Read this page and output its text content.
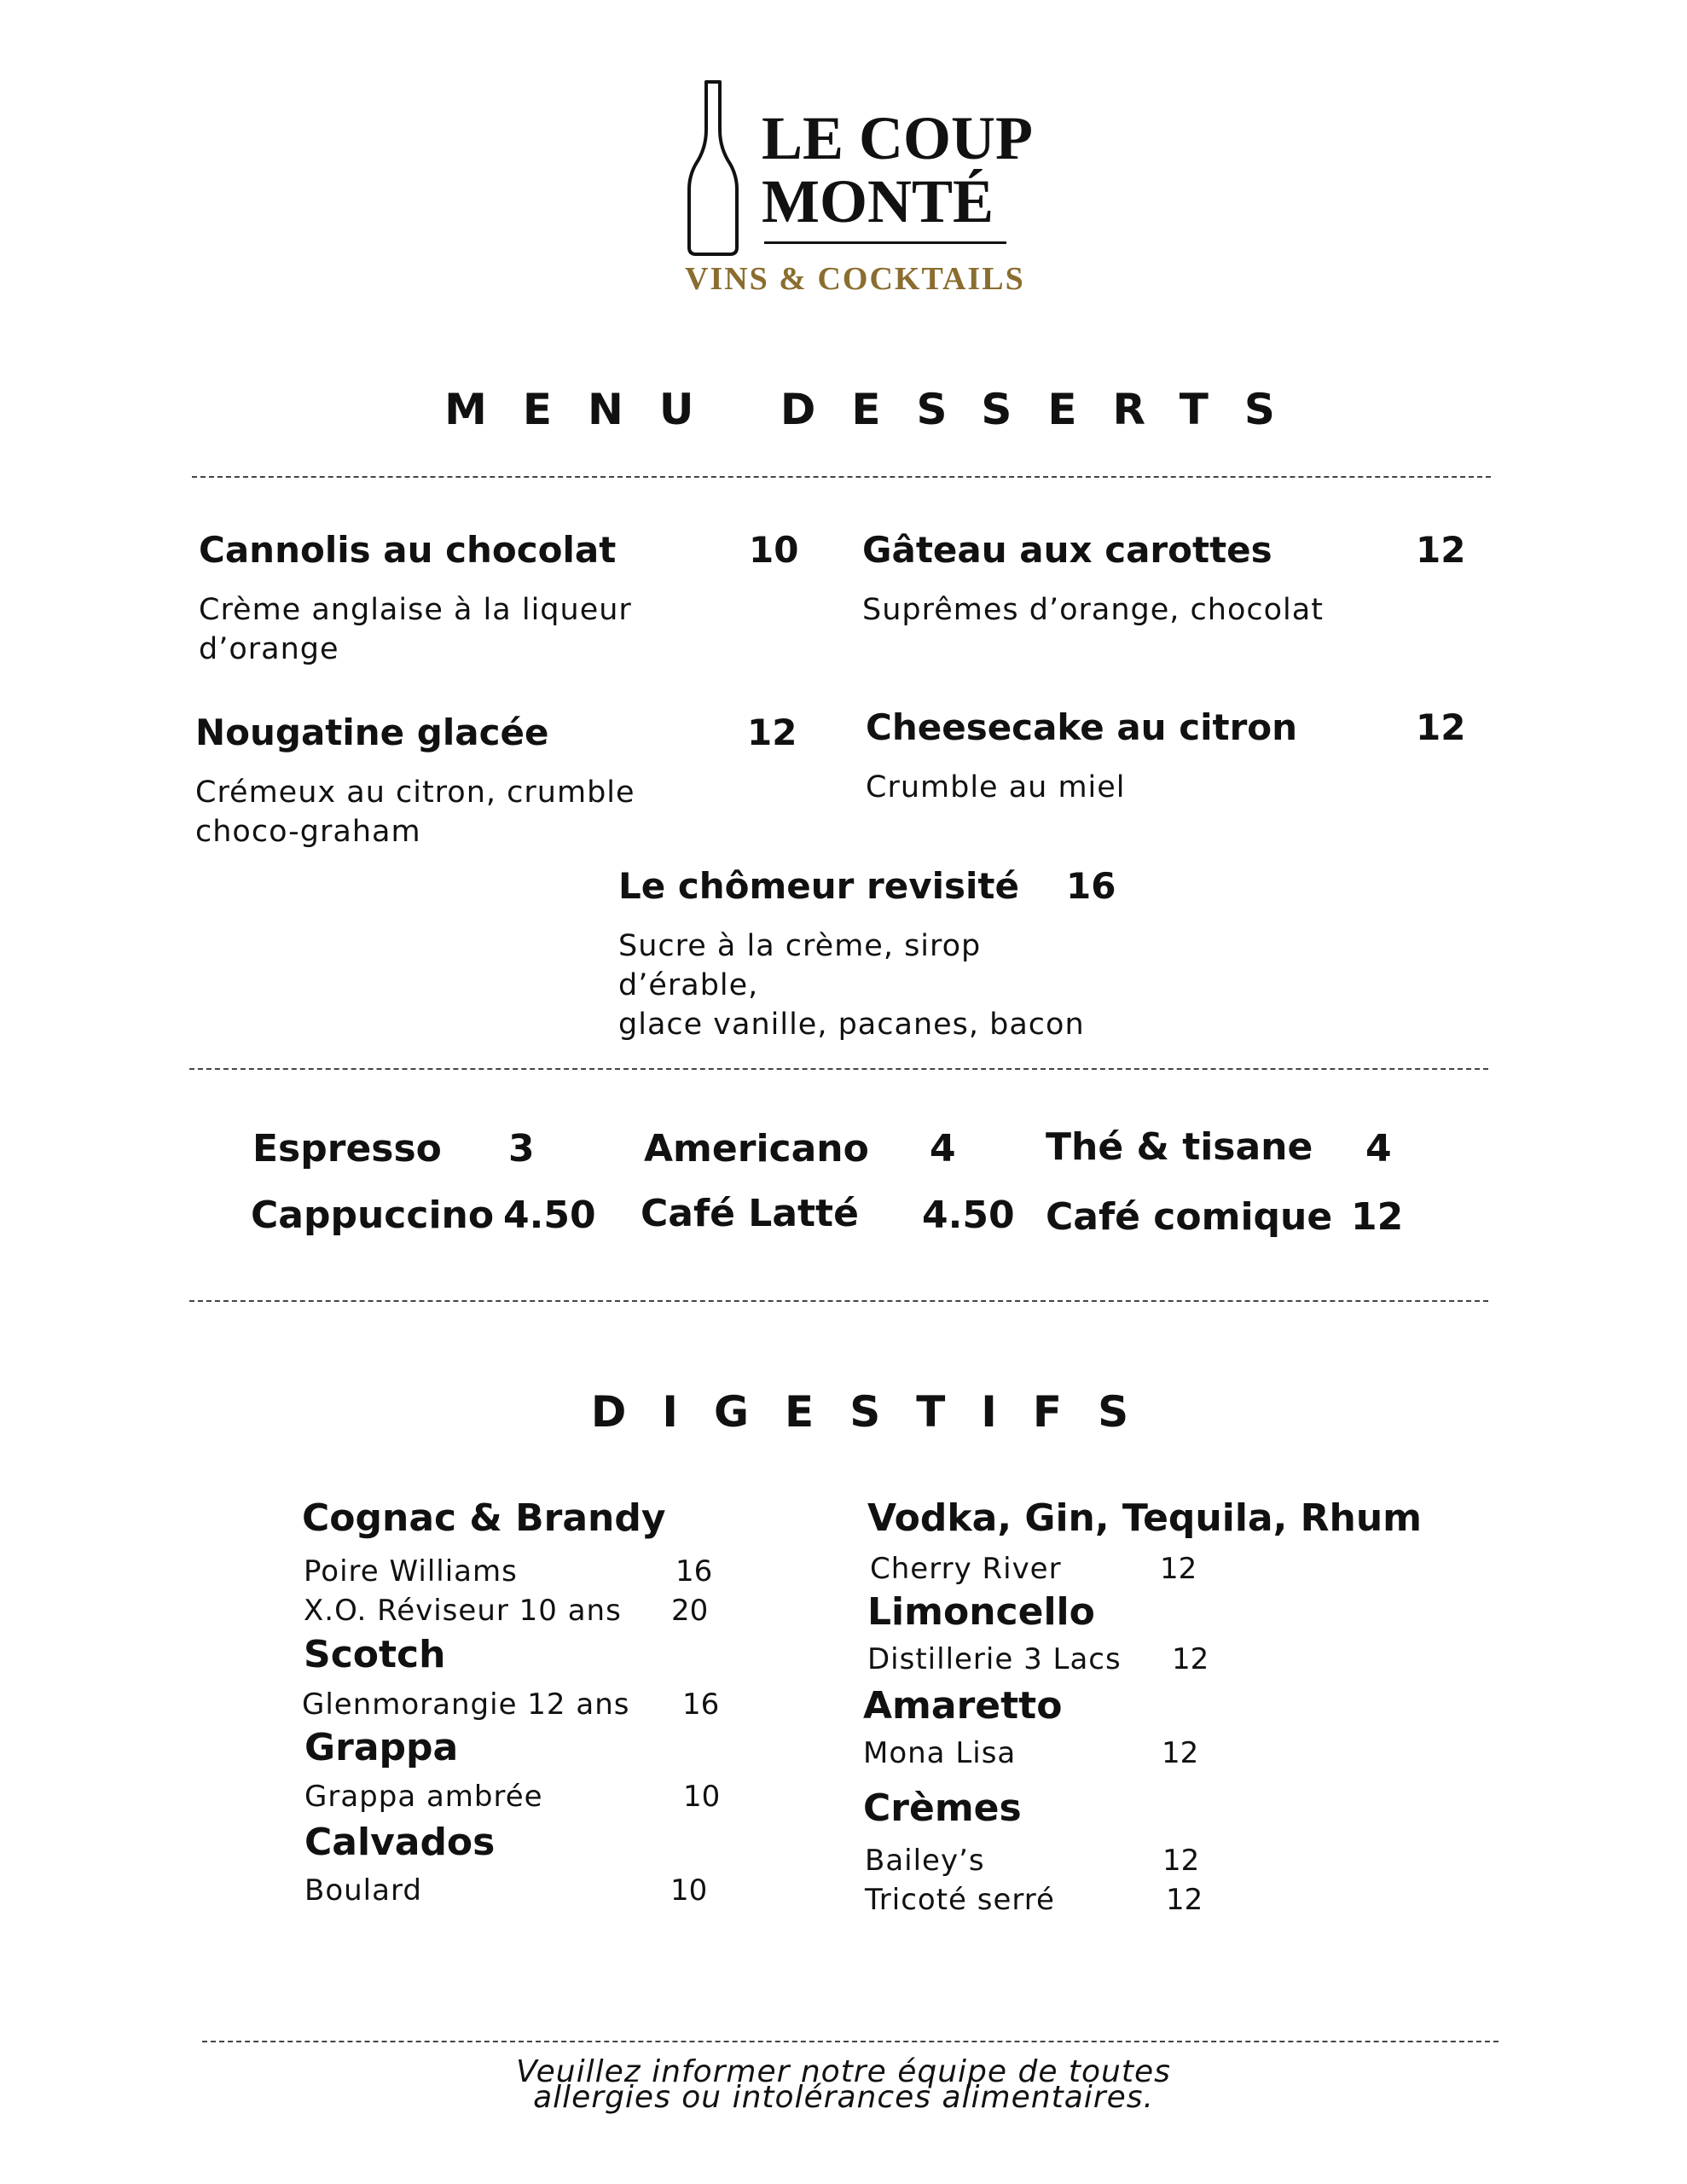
LE COUP
MONTÉ
VINS & COCKTAILS
MENU DESSERTS
Cannolis au chocolat	10
Crème anglaise à la liqueur
d’orange
Gâteau aux carottes	12
Suprêmes d’orange, chocolat
Nougatine glacée	12
Crémeux au citron, crumble
choco-graham
Cheesecake au citron	12
Crumble au miel
Le chômeur revisité 16
Sucre à la crème, sirop d’érable,
glace vanille, pacanes, bacon
Espresso 3	Americano 4 Thé & tisane 4
Cappuccino 4.50 Café Latté 4.50 Café comique 12
DIGESTIFS
Cognac & Brandy
Poire Williams	16
X.O. Réviseur 10 ans 20
Scotch
Glenmorangie 12 ans 16
Grappa
Grappa ambrée	10
Calvados
Boulard	10
Vodka, Gin, Tequila, Rhum
Cherry River	12
Limoncello
Distillerie 3 Lacs 12
Amaretto
Mona Lisa	12
Crèmes
Bailey’s	12
Tricoté serré	12
Veuillez informer notre équipe de toutes
allergies ou intolérances alimentaires.
